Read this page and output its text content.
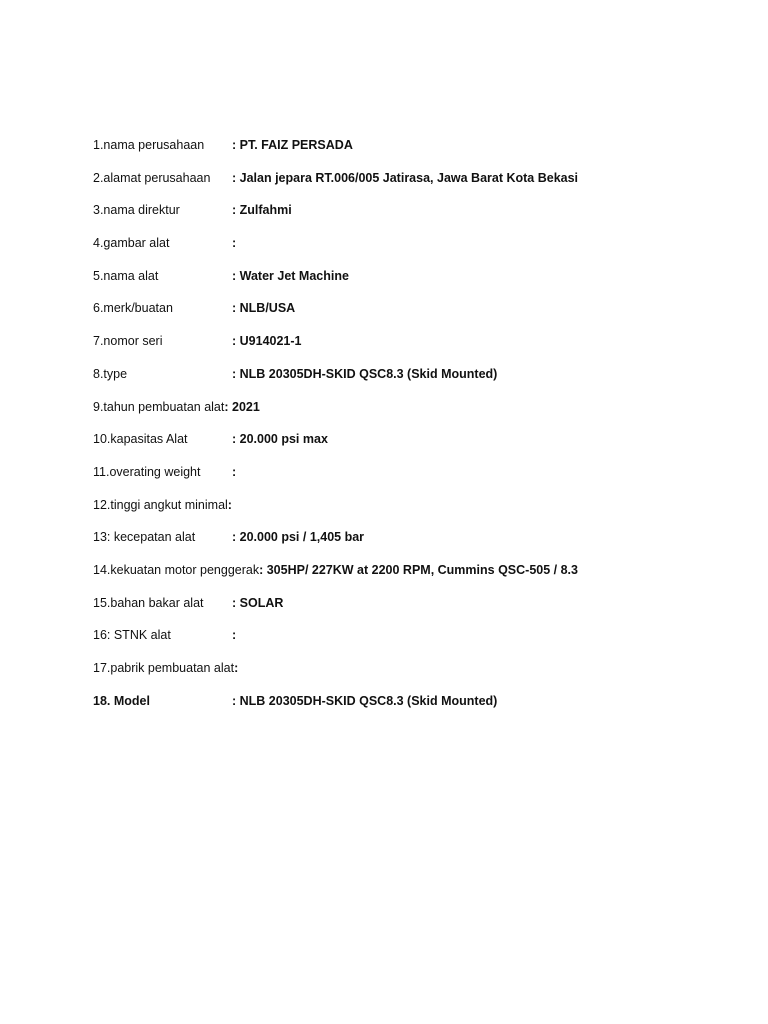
1.nama perusahaan : PT. FAIZ PERSADA
2.alamat perusahaan : Jalan jepara RT.006/005 Jatirasa, Jawa Barat Kota Bekasi
3.nama direktur	: Zulfahmi
4.gambar alat	:
5.nama alat	: Water Jet Machine
6.merk/buatan	: NLB/USA
7.nomor seri	: U914021-1
8.type	: NLB 20305DH-SKID QSC8.3 (Skid Mounted)
9.tahun pembuatan alat: 2021
10.kapasitas Alat	: 20.000 psi max
11.overating weight	:
12.tinggi angkut minimal:
13: kecepatan alat	: 20.000 psi / 1,405 bar
14.kekuatan motor penggerak: 305HP/ 227KW at 2200 RPM, Cummins QSC-505 / 8.3
15.bahan bakar alat : SOLAR
16: STNK alat	:
17.pabrik pembuatan alat:
18. Model	: NLB 20305DH-SKID QSC8.3 (Skid Mounted)
